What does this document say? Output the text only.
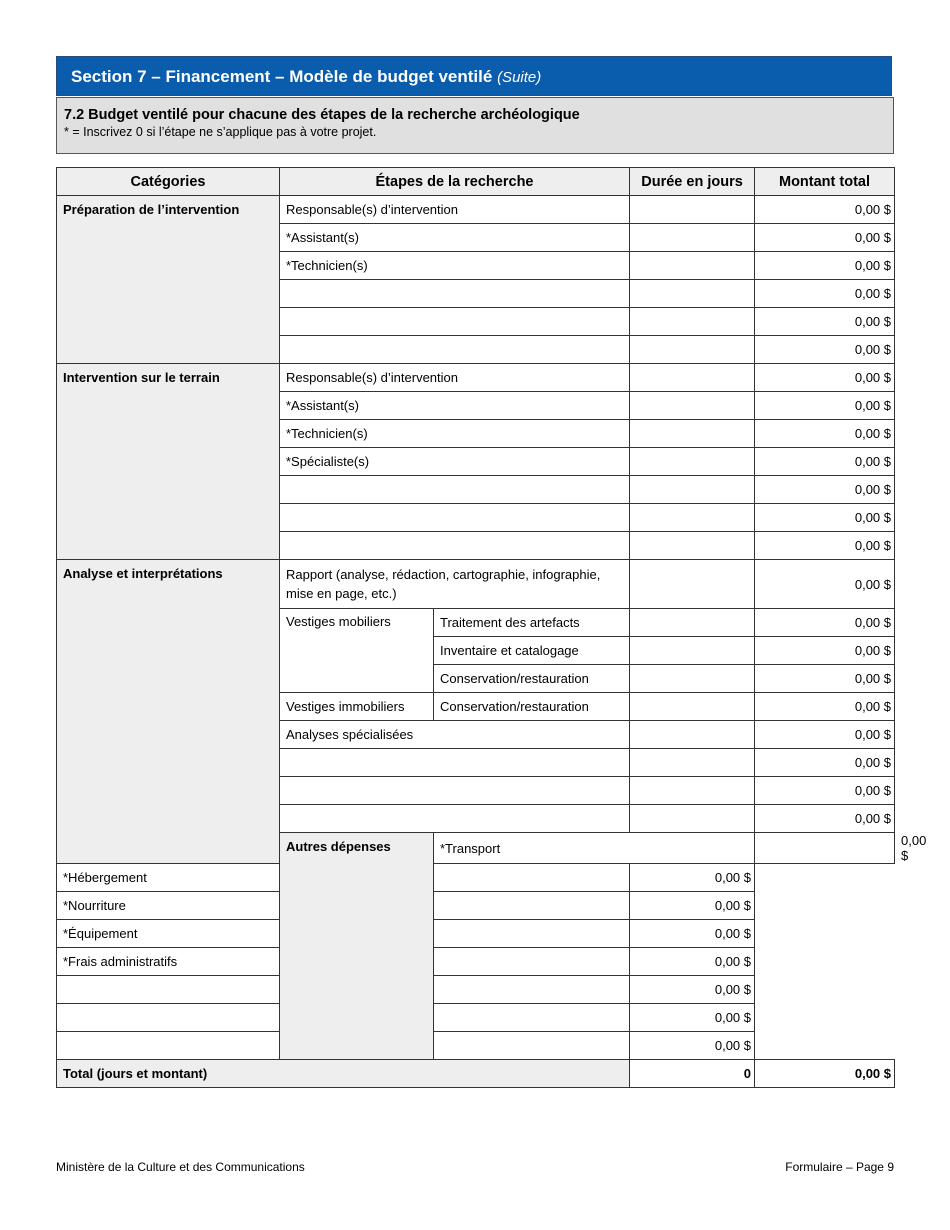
Section 7 – Financement – Modèle de budget ventilé (Suite)
7.2 Budget ventilé pour chacune des étapes de la recherche archéologique
* = Inscrivez 0 si l’étape ne s’applique pas à votre projet.
Catégories	Étapes de la recherche		Durée en jours	Montant total	
Préparation de l’intervention	Responsable(s) d’intervention			0,00 $	
	*Assistant(s)			0,00 $	
	*Technicien(s)			0,00 $	
				0,00 $	
				0,00 $	
				0,00 $	
Intervention sur le terrain	Responsable(s) d’intervention			0,00 $	
	*Assistant(s)			0,00 $	
	*Technicien(s)			0,00 $	
	*Spécialiste(s)			0,00 $	
				0,00 $	
				0,00 $	
				0,00 $	
Analyse et interprétations	Rapport (analyse, rédaction, cartographie, infographie, mise en page, etc.)			0,00 $	
	Vestiges mobiliers	Traitement des artefacts		0,00 $	
		Inventaire et catalogage		0,00 $	
		Conservation/restauration		0,00 $	
	Vestiges immobiliers	Conservation/restauration		0,00 $	
	Analyses spécialisées			0,00 $	
				0,00 $	
				0,00 $	
				0,00 $	
	Autres dépenses	*Transport			0,00 $
*Hébergement			0,00 $		
*Nourriture			0,00 $		
*Équipement			0,00 $		
*Frais administratifs			0,00 $		
			0,00 $		
			0,00 $		
			0,00 $		
Total (jours et montant)			0	0,00 $	
Ministère de la Culture et des Communications	Formulaire – Page 9
